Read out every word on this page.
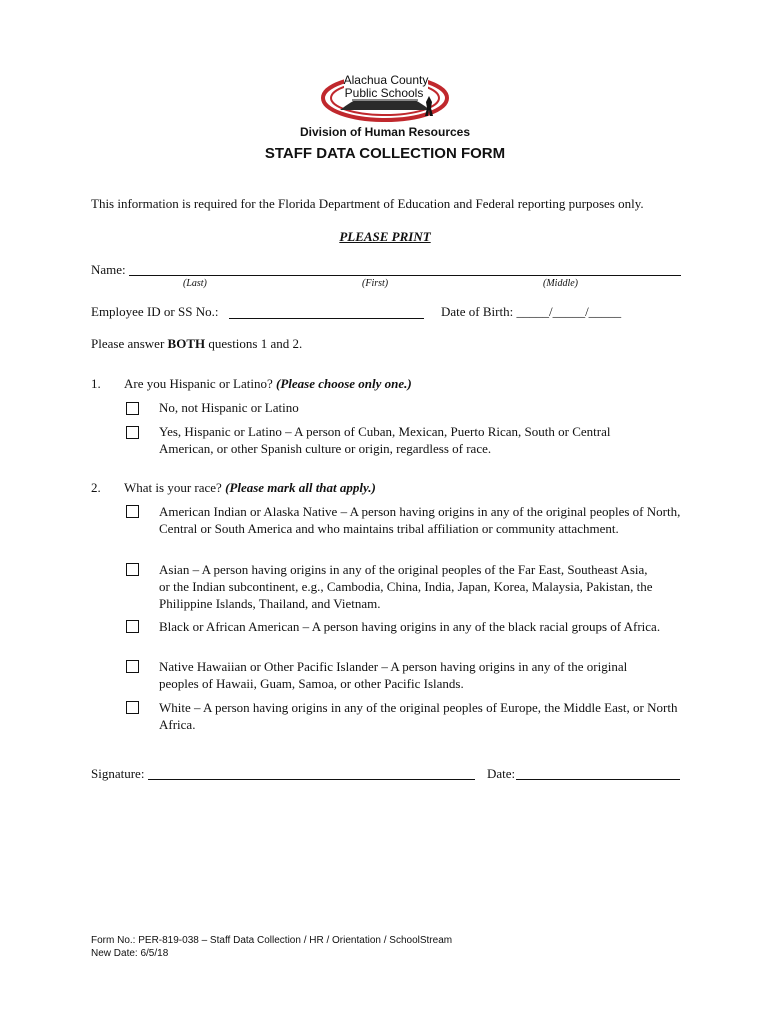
Alachua County
Public Schools
Division of Human Resources
STAFF DATA COLLECTION FORM
This information is required for the Florida Department of Education and Federal reporting purposes only.
PLEASE PRINT
Name:
(Last)	(First)	(Middle)
Employee ID or SS No.:	Date of Birth: _____/_____/_____
Please answer BOTH questions 1 and 2.
1. Are you Hispanic or Latino? (Please choose only one.)
No, not Hispanic or Latino
Yes, Hispanic or Latino – A person of Cuban, Mexican, Puerto Rican, South or Central American, or other Spanish culture or origin, regardless of race.
2. What is your race? (Please mark all that apply.)
American Indian or Alaska Native – A person having origins in any of the original peoples of North, Central or South America and who maintains tribal affiliation or community attachment.
Asian – A person having origins in any of the original peoples of the Far East, Southeast Asia, or the Indian subcontinent, e.g., Cambodia, China, India, Japan, Korea, Malaysia, Pakistan, the Philippine Islands, Thailand, and Vietnam.
Black or African American – A person having origins in any of the black racial groups of Africa.
Native Hawaiian or Other Pacific Islander – A person having origins in any of the original peoples of Hawaii, Guam, Samoa, or other Pacific Islands.
White – A person having origins in any of the original peoples of Europe, the Middle East, or North Africa.
Signature:	Date:
Form No.: PER-819-038 – Staff Data Collection / HR / Orientation / SchoolStream
New Date: 6/5/18
